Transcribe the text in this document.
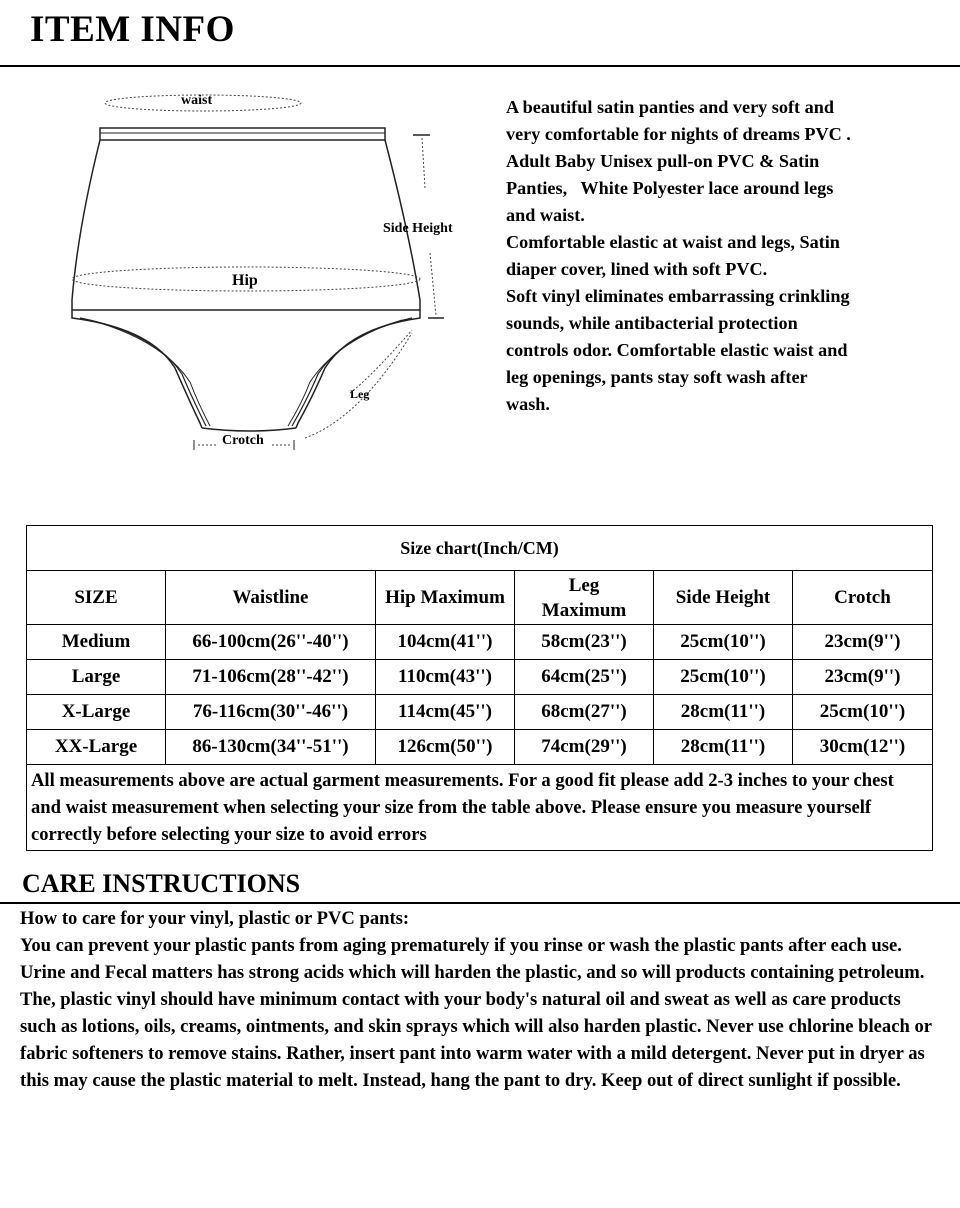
ITEM INFO
waist
Hip
Side Height
Leg
Crotch
A beautiful satin panties and very soft and
very comfortable for nights of dreams PVC .
Adult Baby Unisex pull-on PVC & Satin
Panties,   White Polyester lace around legs
and waist.
Comfortable elastic at waist and legs, Satin
diaper cover, lined with soft PVC.
Soft vinyl eliminates embarrassing crinkling
sounds, while antibacterial protection
controls odor. Comfortable elastic waist and
leg openings, pants stay soft wash after
wash.
Size chart(Inch/CM)					
SIZE	Waistline	Hip Maximum	Leg Maximum	Side Height	Crotch
Medium	66-100cm(26''-40'')	104cm(41'')	58cm(23'')	25cm(10'')	23cm(9'')
Large	71-106cm(28''-42'')	110cm(43'')	64cm(25'')	25cm(10'')	23cm(9'')
X-Large	76-116cm(30''-46'')	114cm(45'')	68cm(27'')	28cm(11'')	25cm(10'')
XX-Large	86-130cm(34''-51'')	126cm(50'')	74cm(29'')	28cm(11'')	30cm(12'')
All measurements above are actual garment measurements. For a good fit please add 2-3 inches to your chest and waist measurement when selecting your size from the table above. Please ensure you measure yourself correctly before selecting your size to avoid errors					
CARE INSTRUCTIONS

How to care for your vinyl, plastic or PVC pants:

You can prevent your plastic pants from aging prematurely if you rinse or wash the plastic pants after each use. Urine and Fecal matters has strong acids which will harden the plastic, and so will products containing petroleum. The, plastic vinyl should have minimum contact with your body's natural oil and sweat as well as care products such as lotions, oils, creams, ointments, and skin sprays which will also harden plastic. Never use chlorine bleach or fabric softeners to remove stains. Rather, insert pant into warm water with a mild detergent. Never put in dryer as this may cause the plastic material to melt. Instead, hang the pant to dry. Keep out of direct sunlight if possible.
